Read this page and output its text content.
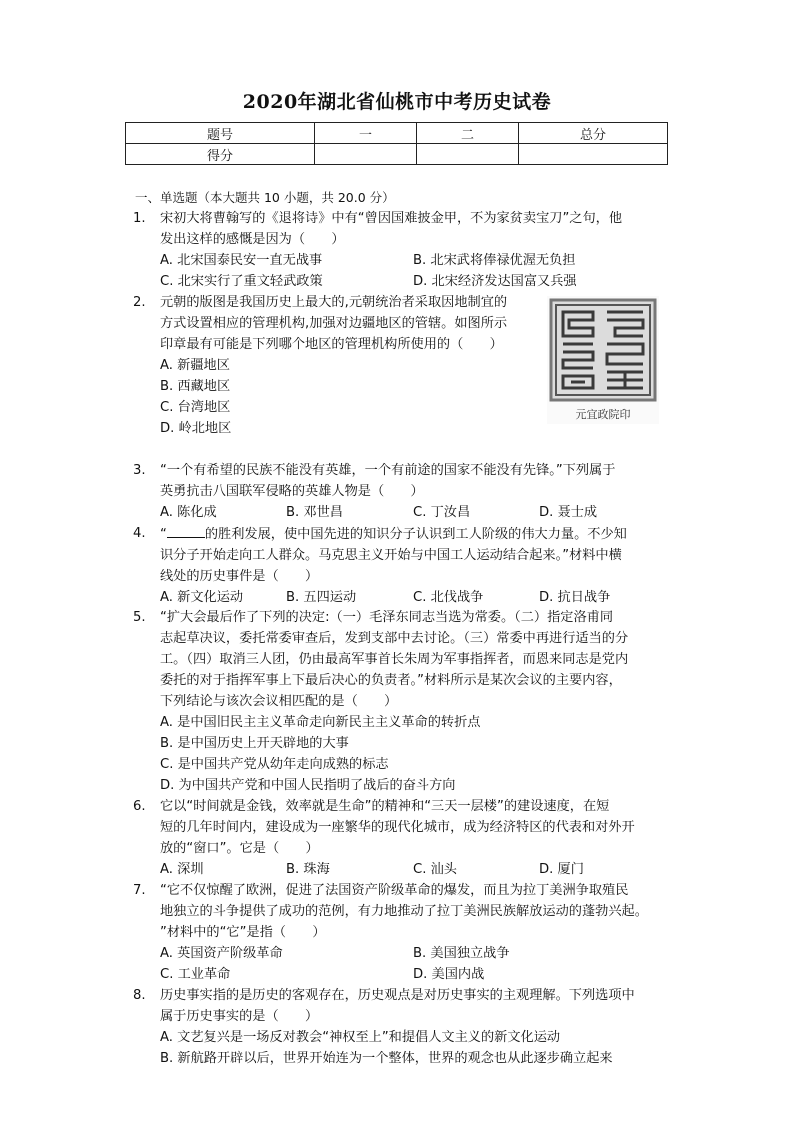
2020年湖北省仙桃市中考历史试卷
题号	一	二	总分
得分			
一、单选题（本大题共 10 小题，共 20.0 分）
1.	宋初大将曹翰写的《退将诗》中有“曾因国难披金甲，不为家贫卖宝刀”之句，他
发出这样的感慨是因为（　　）
A. 北宋国泰民安一直无战事	B. 北宋武将俸禄优渥无负担
C. 北宋实行了重文轻武政策	D. 北宋经济发达国富又兵强
2.	元朝的版图是我国历史上最大的,元朝统治者采取因地制宜的
方式设置相应的管理机构,加强对边疆地区的管辖。如图所示
印章最有可能是下列哪个地区的管理机构所使用的（　　）
A. 新疆地区
B. 西藏地区
C. 台湾地区
D. 岭北地区
元宜政院印
3.	“一个有希望的民族不能没有英雄，一个有前途的国家不能没有先锋。”下列属于
英勇抗击八国联军侵略的英雄人物是（　　）
A. 陈化成	B. 邓世昌	C. 丁汝昌	D. 聂士成
4.	“	的胜利发展，使中国先进的知识分子认识到工人阶级的伟大力量。不少知
识分子开始走向工人群众。马克思主义开始与中国工人运动结合起来。”材料中横
线处的历史事件是（　　）
A. 新文化运动	B. 五四运动	C. 北伐战争	D. 抗日战争
5.	“扩大会最后作了下列的决定:（一）毛泽东同志当选为常委。（二）指定洛甫同
志起草决议，委托常委审查后，发到支部中去讨论。（三）常委中再进行适当的分
工。（四）取消三人团，仍由最高军事首长朱周为军事指挥者，而恩来同志是党内
委托的对于指挥军事上下最后决心的负责者。”材料所示是某次会议的主要内容，
下列结论与该次会议相匹配的是（　　）
A. 是中国旧民主主义革命走向新民主主义革命的转折点
B. 是中国历史上开天辟地的大事
C. 是中国共产党从幼年走向成熟的标志
D. 为中国共产党和中国人民指明了战后的奋斗方向
6.	它以“时间就是金钱，效率就是生命”的精神和“三天一层楼”的建设速度，在短
短的几年时间内，建设成为一座繁华的现代化城市，成为经济特区的代表和对外开
放的“窗口”。它是（　　）
A. 深圳	B. 珠海	C. 汕头	D. 厦门
7.	“它不仅惊醒了欧洲，促进了法国资产阶级革命的爆发，而且为拉丁美洲争取殖民
地独立的斗争提供了成功的范例，有力地推动了拉丁美洲民族解放运动的蓬勃兴起。
”材料中的“它”是指（　　）
A. 英国资产阶级革命	B. 美国独立战争
C. 工业革命	D. 美国内战
8.	历史事实指的是历史的客观存在，历史观点是对历史事实的主观理解。下列选项中
属于历史事实的是（　　）
A. 文艺复兴是一场反对教会“神权至上”和提倡人文主义的新文化运动
B. 新航路开辟以后，世界开始连为一个整体，世界的观念也从此逐步确立起来
